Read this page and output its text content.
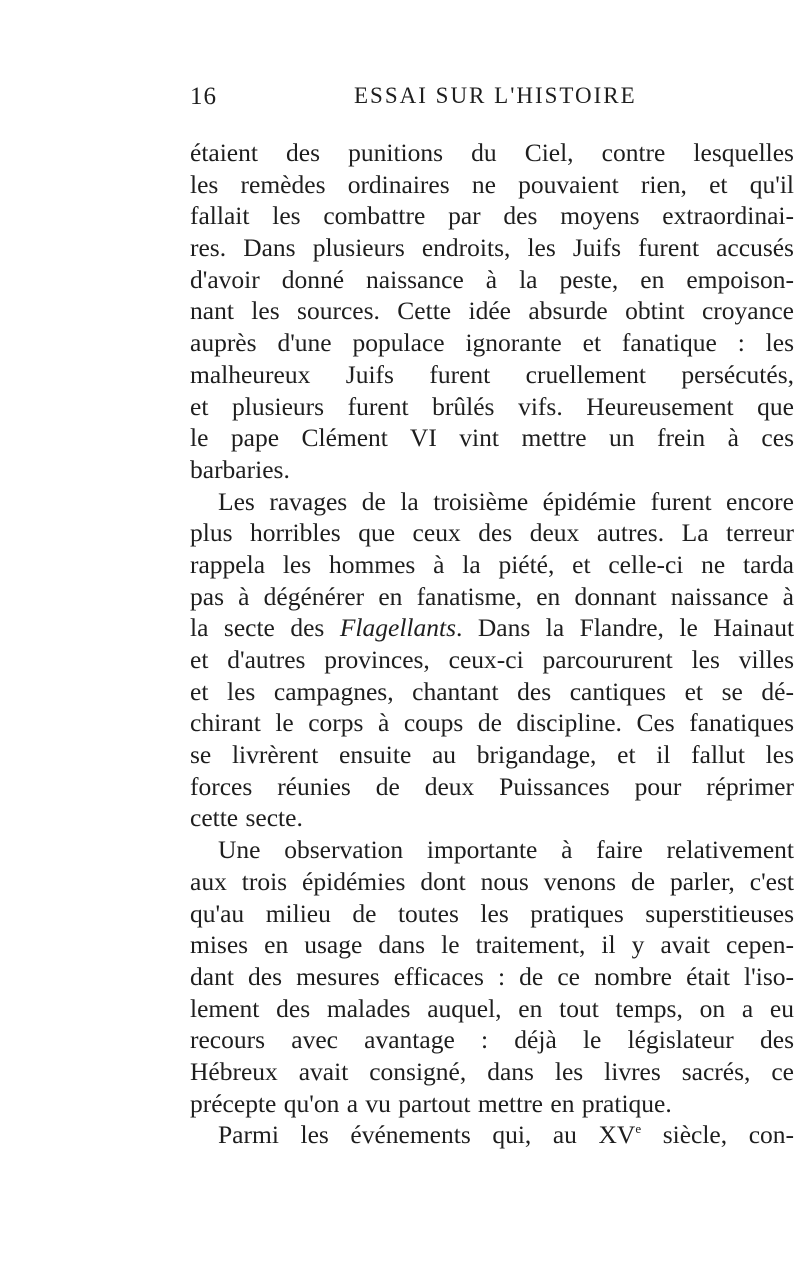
16	ESSAI SUR L'HISTOIRE
étaient des punitions du Ciel, contre lesquelles
les remèdes ordinaires ne pouvaient rien, et qu'il
fallait les combattre par des moyens extraordinai-
res. Dans plusieurs endroits, les Juifs furent accusés
d'avoir donné naissance à la peste, en empoison-
nant les sources. Cette idée absurde obtint croyance
auprès d'une populace ignorante et fanatique : les
malheureux Juifs furent cruellement persécutés,
et plusieurs furent brûlés vifs. Heureusement que
le pape Clément VI vint mettre un frein à ces
barbaries.
Les ravages de la troisième épidémie furent encore
plus horribles que ceux des deux autres. La terreur
rappela les hommes à la piété, et celle-ci ne tarda
pas à dégénérer en fanatisme, en donnant naissance à
la secte des Flagellants. Dans la Flandre, le Hainaut
et d'autres provinces, ceux-ci parcoururent les villes
et les campagnes, chantant des cantiques et se dé-
chirant le corps à coups de discipline. Ces fanatiques
se livrèrent ensuite au brigandage, et il fallut les
forces réunies de deux Puissances pour réprimer
cette secte.
Une observation importante à faire relativement
aux trois épidémies dont nous venons de parler, c'est
qu'au milieu de toutes les pratiques superstitieuses
mises en usage dans le traitement, il y avait cepen-
dant des mesures efficaces : de ce nombre était l'iso-
lement des malades auquel, en tout temps, on a eu
recours avec avantage : déjà le législateur des
Hébreux avait consigné, dans les livres sacrés, ce
précepte qu'on a vu partout mettre en pratique.
Parmi les événements qui, au XVe siècle, con-
